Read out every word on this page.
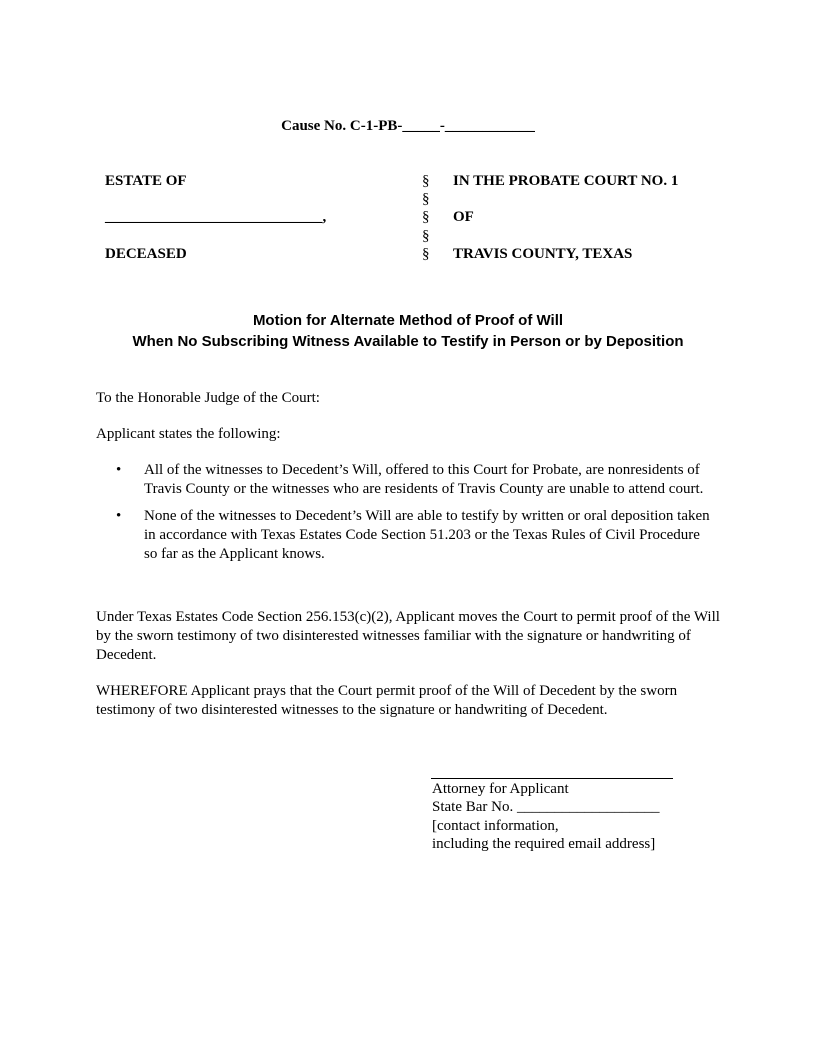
Cause No. C-1-PB-_____-____________
ESTATE OF
_____________________________,
DECEASED
§
§
§
§
§
IN THE PROBATE COURT NO. 1
OF
TRAVIS COUNTY, TEXAS
Motion for Alternate Method of Proof of Will
When No Subscribing Witness Available to Testify in Person or by Deposition
To the Honorable Judge of the Court:
Applicant states the following:
• All of the witnesses to Decedent’s Will, offered to this Court for Probate, are nonresidents of Travis County or the witnesses who are residents of Travis County are unable to attend court.
• None of the witnesses to Decedent’s Will are able to testify by written or oral deposition taken in accordance with Texas Estates Code Section 51.203 or the Texas Rules of Civil Procedure so far as the Applicant knows.
Under Texas Estates Code Section 256.153(c)(2), Applicant moves the Court to permit proof of the Will by the sworn testimony of two disinterested witnesses familiar with the signature or handwriting of Decedent.
WHEREFORE Applicant prays that the Court permit proof of the Will of Decedent by the sworn testimony of two disinterested witnesses to the signature or handwriting of Decedent.
Attorney for Applicant
State Bar No. ___________________
[contact information,
including the required email address]
